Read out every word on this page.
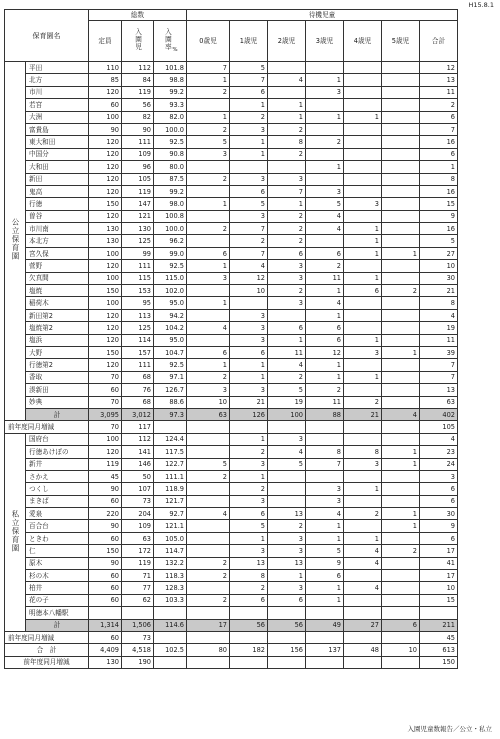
H15.8.1
保育園名		総数			待機児童						
		定員	入園児	入園率%	0歳児	1歳児	2歳児	3歳児	4歳児	5歳児	合計
公立保育園	平田	110	112	101.8	7	5					12
	北方	85	84	98.8	1	7	4	1			13
	市川	120	119	99.2	2	6		3			11
	若宮	60	56	93.3		1	1				2
	大洲	100	82	82.0	1	2	1	1	1		6
	富貴島	90	90	100.0	2	3	2				7
	東大和田	120	111	92.5	5	1	8	2			16
	中国分	120	109	90.8	3	1	2				6
	大和田	120	96	80.0				1			1
	新田	120	105	87.5	2	3	3				8
	鬼高	120	119	99.2		6	7	3			16
	行徳	150	147	98.0	1	5	1	5	3		15
	曽谷	120	121	100.8		3	2	4			9
	市川南	130	130	100.0	2	7	2	4	1		16
	本北方	130	125	96.2		2	2		1		5
	宮久保	100	99	99.0	6	7	6	6	1	1	27
	菅野	120	111	92.5	1	4	3	2			10
	欠真間	100	115	115.0	3	12	3	11	1		30
	塩焼	150	153	102.0		10	2	1	6	2	21
	稲荷木	100	95	95.0	1		3	4			8
	新田第2	120	113	94.2		3		1			4
	塩焼第2	120	125	104.2	4	3	6	6			19
	塩浜	120	114	95.0		3	1	6	1		11
	大野	150	157	104.7	6	6	11	12	3	1	39
	行徳第2	120	111	92.5	1	1	4	1			7
	香取	70	68	97.1	2	1	2	1	1		7
	湊新田	60	76	126.7	3	3	5	2			13
	妙典	70	68	88.6	10	21	19	11	2		63
	計	3,095	3,012	97.3	63	126	100	88	21	4	402
前年度同月増減		70	117								105
私立保育園	国府台	100	112	124.4		1	3				4
	行徳あけぼの	120	141	117.5		2	4	8	8	1	23
	新井	119	146	122.7	5	3	5	7	3	1	24
	さかえ	45	50	111.1	2	1					3
	つくし	90	107	118.9		2		3	1		6
	まきば	60	73	121.7		3		3			6
	愛泉	220	204	92.7	4	6	13	4	2	1	30
	百合台	90	109	121.1		5	2	1		1	9
	ときわ	60	63	105.0		1	3	1	1		6
	仁	150	172	114.7		3	3	5	4	2	17
	原木	90	119	132.2	2	13	13	9	4		41
	杉の木	60	71	118.3	2	8	1	6			17
	柏井	60	77	128.3		2	3	1	4		10
	花の子	60	62	103.3	2	6	6	1			15
	明徳本八幡駅										
	計	1,314	1,506	114.6	17	56	56	49	27	6	211
前年度同月増減		60	73								45
合　計		4,409	4,518	102.5	80	182	156	137	48	10	613
前年度同月増減		130	190								150
入園児童数報告／公立・私立
